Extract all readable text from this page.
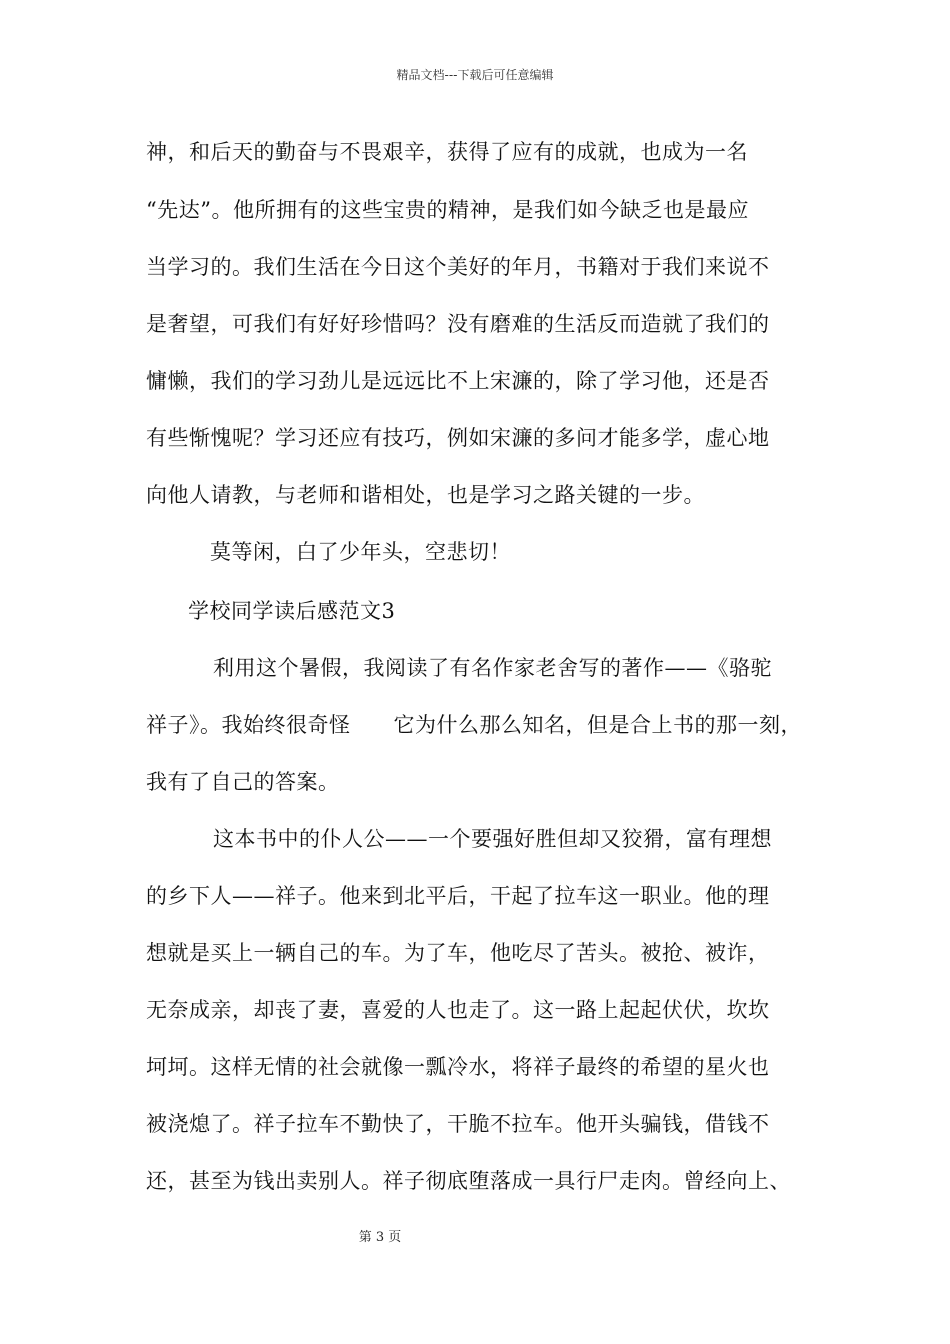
精品文档---下载后可任意编辑
神，和后天的勤奋与不畏艰辛，获得了应有的成就，也成为一名
“先达”。他所拥有的这些宝贵的精神，是我们如今缺乏也是最应
当学习的。我们生活在今日这个美好的年月，书籍对于我们来说不
是奢望，可我们有好好珍惜吗？没有磨难的生活反而造就了我们的
慵懒，我们的学习劲儿是远远比不上宋濂的，除了学习他，还是否
有些惭愧呢？学习还应有技巧，例如宋濂的多问才能多学，虚心地
向他人请教，与老师和谐相处，也是学习之路关键的一步。
莫等闲，白了少年头，空悲切！
学校同学读后感范文3
利用这个暑假，我阅读了有名作家老舍写的著作——《骆驼
祥子》。我始终很奇怪　　它为什么那么知名，但是合上书的那一刻，
我有了自己的答案。
这本书中的仆人公——一个要强好胜但却又狡猾，富有理想
的乡下人——祥子。他来到北平后，干起了拉车这一职业。他的理
想就是买上一辆自己的车。为了车，他吃尽了苦头。被抢、被诈，
无奈成亲，却丧了妻，喜爱的人也走了。这一路上起起伏伏，坎坎
坷坷。这样无情的社会就像一瓢冷水，将祥子最终的希望的星火也
被浇熄了。祥子拉车不勤快了，干脆不拉车。他开头骗钱，借钱不
还，甚至为钱出卖别人。祥子彻底堕落成一具行尸走肉。曾经向上、
第 3 页
